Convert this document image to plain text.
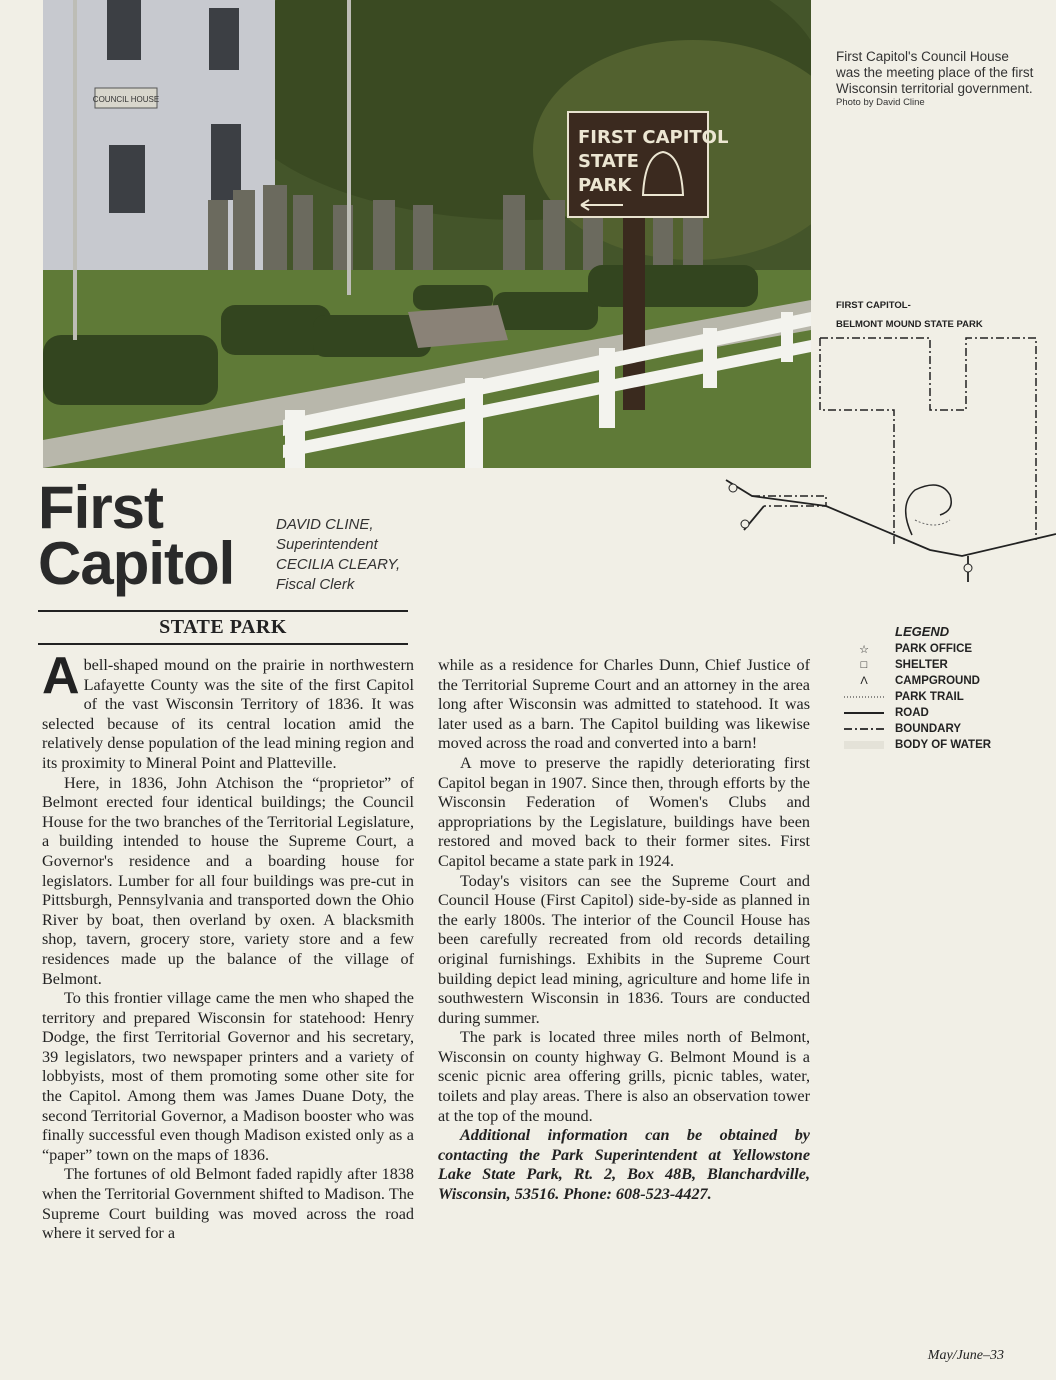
COUNCIL HOUSE
FIRST CAPITOL
STATE
PARK
First Capitol's Council House was the meeting place of the first Wisconsin territorial government.
Photo by David Cline
First
Capitol
DAVID CLINE,
Superintendent
CECILIA CLEARY,
Fiscal Clerk
STATE PARK

Abell-shaped mound on the prairie in northwestern Lafayette County was the site of the first Capitol of the vast Wisconsin Territory of 1836. It was selected because of its central location amid the relatively dense population of the lead mining region and its proximity to Mineral Point and Platteville.

Here, in 1836, John Atchison the “proprietor” of Belmont erected four identical buildings; the Council House for the two branches of the Territorial Legislature, a building intended to house the Supreme Court, a Governor's residence and a boarding house for legislators. Lumber for all four buildings was pre-cut in Pittsburgh, Pennsylvania and transported down the Ohio River by boat, then overland by oxen. A blacksmith shop, tavern, grocery store, variety store and a few residences made up the balance of the village of Belmont.

To this frontier village came the men who shaped the territory and prepared Wisconsin for statehood: Henry Dodge, the first Territorial Governor and his secretary, 39 legislators, two newspaper printers and a variety of lobbyists, most of them promoting some other site for the Capitol. Among them was James Duane Doty, the second Territorial Governor, a Madison booster who was finally successful even though Madison existed only as a “paper” town on the maps of 1836.

The fortunes of old Belmont faded rapidly after 1838 when the Territorial Government shifted to Madison. The Supreme Court building was moved across the road where it served for a

while as a residence for Charles Dunn, Chief Justice of the Territorial Supreme Court and an attorney in the area long after Wisconsin was admitted to statehood. It was later used as a barn. The Capitol building was likewise moved across the road and converted into a barn!

A move to preserve the rapidly deteriorating first Capitol began in 1907. Since then, through efforts by the Wisconsin Federation of Women's Clubs and appropriations by the Legislature, buildings have been restored and moved back to their former sites. First Capitol became a state park in 1924.

Today's visitors can see the Supreme Court and Council House (First Capitol) side-by-side as planned in the early 1800s. The interior of the Council House has been carefully recreated from old records detailing original furnishings. Exhibits in the Supreme Court building depict lead mining, agriculture and home life in southwestern Wisconsin in 1836. Tours are conducted during summer.

The park is located three miles north of Belmont, Wisconsin on county highway G. Belmont Mound is a scenic picnic area offering grills, picnic tables, water, toilets and play areas. There is also an observation tower at the top of the mound.

Additional information can be obtained by contacting the Park Superintendent at Yellowstone Lake State Park, Rt. 2, Box 48B, Blanchardville, Wisconsin, 53516. Phone: 608-523-4427.

FIRST CAPITOL-
BELMONT MOUND STATE PARK
LEGEND
☆	PARK OFFICE
□	SHELTER
Λ	CAMPGROUND
PARK TRAIL
ROAD
BOUNDARY
BODY OF WATER
May/June–33
